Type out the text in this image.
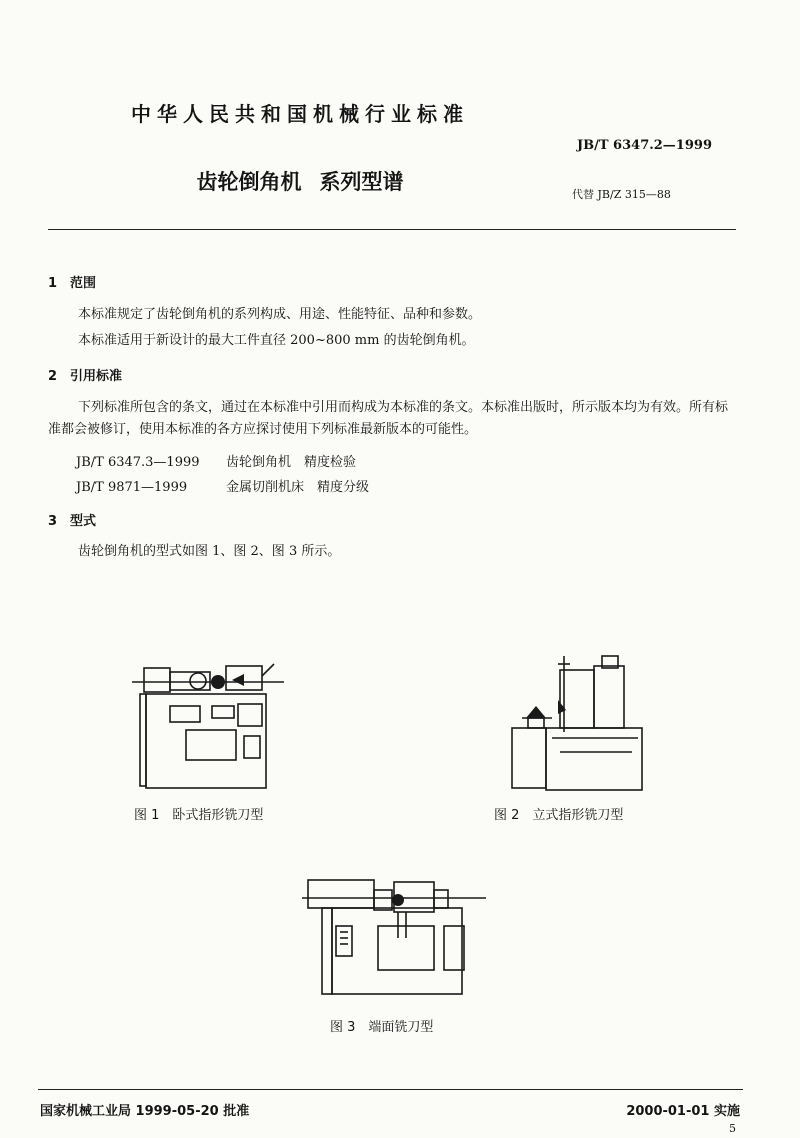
中华人民共和国机械行业标准
JB/T 6347.2—1999
齿轮倒角机 系列型谱
代替 JB/Z 315—88
1 范围
本标准规定了齿轮倒角机的系列构成、用途、性能特征、品种和参数。
本标准适用于新设计的最大工件直径 200~800 mm 的齿轮倒角机。
2 引用标准
下列标准所包含的条文，通过在本标准中引用而构成为本标准的条文。本标准出版时，所示版本均为有效。所有标准都会被修订，使用本标准的各方应探讨使用下列标准最新版本的可能性。
JB/T 6347.3—1999 齿轮倒角机　精度检验
JB/T 9871—1999	金属切削机床　精度分级
3 型式
齿轮倒角机的型式如图 1、图 2、图 3 所示。
图 1　 卧式指形铣刀型	图 2　 立式指形铣刀型
图 3　 端面铣刀型
国家机械工业局 1999-05-20 批准	2000-01-01 实施
5
